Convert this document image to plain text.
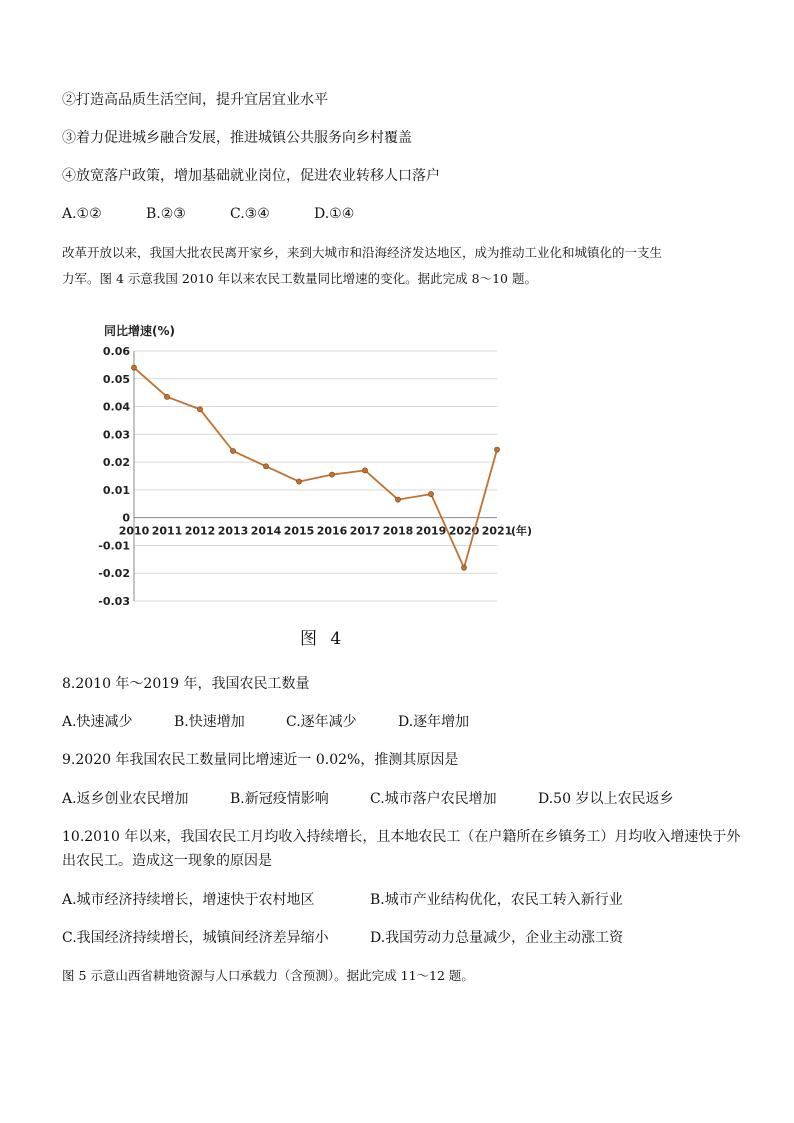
②打造高品质生活空间，提升宜居宜业水平
③着力促进城乡融合发展，推进城镇公共服务向乡村覆盖
④放宽落户政策，增加基础就业岗位，促进农业转移人口落户
A.①②	B.②③	C.③④	D.①④
改革开放以来，我国大批农民离开家乡，来到大城市和沿海经济发达地区，成为推动工业化和城镇化的一支生
力军。图 4 示意我国 2010 年以来农民工数量同比增速的变化。据此完成 8～10 题。
0.06
0.05
0.04
0.03
0.02
0.01
0
-0.01
-0.02
-0.03
2010 2011 2012 2013 2014 2015 2016 2017 2018 2019 2020 2021
(年)
同比增速(%)
图 4
8.2010 年～2019 年，我国农民工数量
A.快速减少	B.快速增加	C.逐年减少	D.逐年增加
9.2020 年我国农民工数量同比增速近一 0.02%，推测其原因是
A.返乡创业农民增加	B.新冠疫情影响	C.城市落户农民增加	D.50 岁以上农民返乡
10.2010 年以来，我国农民工月均收入持续增长，且本地农民工（在户籍所在乡镇务工）月均收入增速快于外
出农民工。造成这一现象的原因是
A.城市经济持续增长，增速快于农村地区	B.城市产业结构优化，农民工转入新行业
C.我国经济持续增长，城镇间经济差异缩小	D.我国劳动力总量减少，企业主动涨工资
图 5 示意山西省耕地资源与人口承载力（含预测）。据此完成 11～12 题。
